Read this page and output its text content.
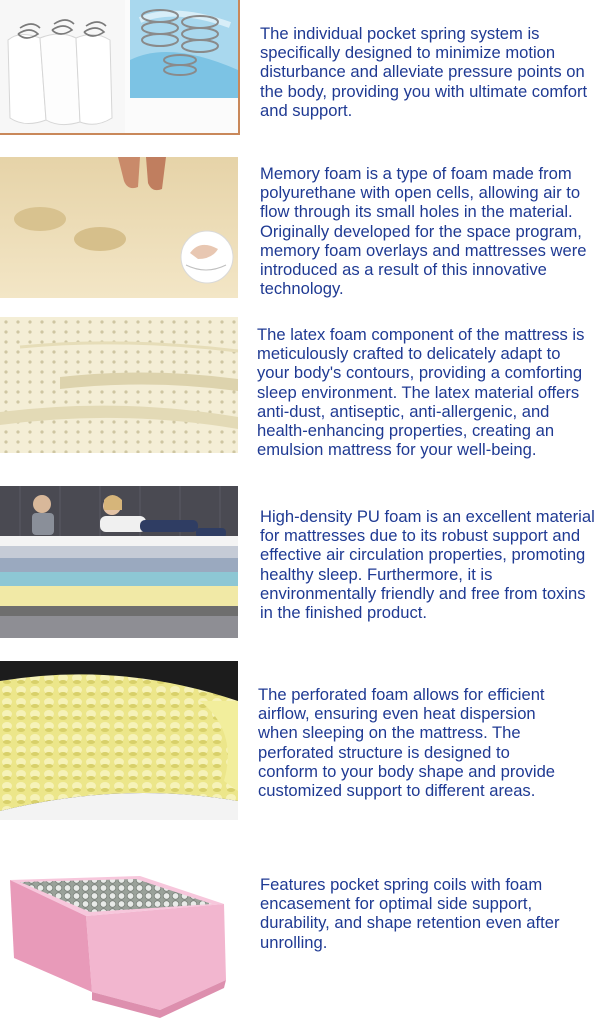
The individual pocket spring system is specifically designed to minimize motion disturbance and alleviate pressure points on the body, providing you with ultimate comfort and support.

Memory foam is a type of foam made from polyurethane with open cells, allowing air to flow through its small holes in the material. Originally developed for the space program, memory foam overlays and mattresses were introduced as a result of this innovative technology.

The latex foam component of the mattress is meticulously crafted to delicately adapt to your body's contours, providing a comforting sleep environment. The latex material offers anti-dust, antiseptic, anti-allergenic, and health-enhancing properties, creating an emulsion mattress for your well-being.

High-density PU foam is an excellent material for mattresses due to its robust support and effective air circulation properties, promoting healthy sleep. Furthermore, it is environmentally friendly and free from toxins in the finished product.

The perforated foam allows for efficient airflow, ensuring even heat dispersion when sleeping on the mattress. The perforated structure is designed to conform to your body shape and provide customized support to different areas.

Features pocket spring coils with foam encasement for optimal side support, durability, and shape retention even after unrolling.
